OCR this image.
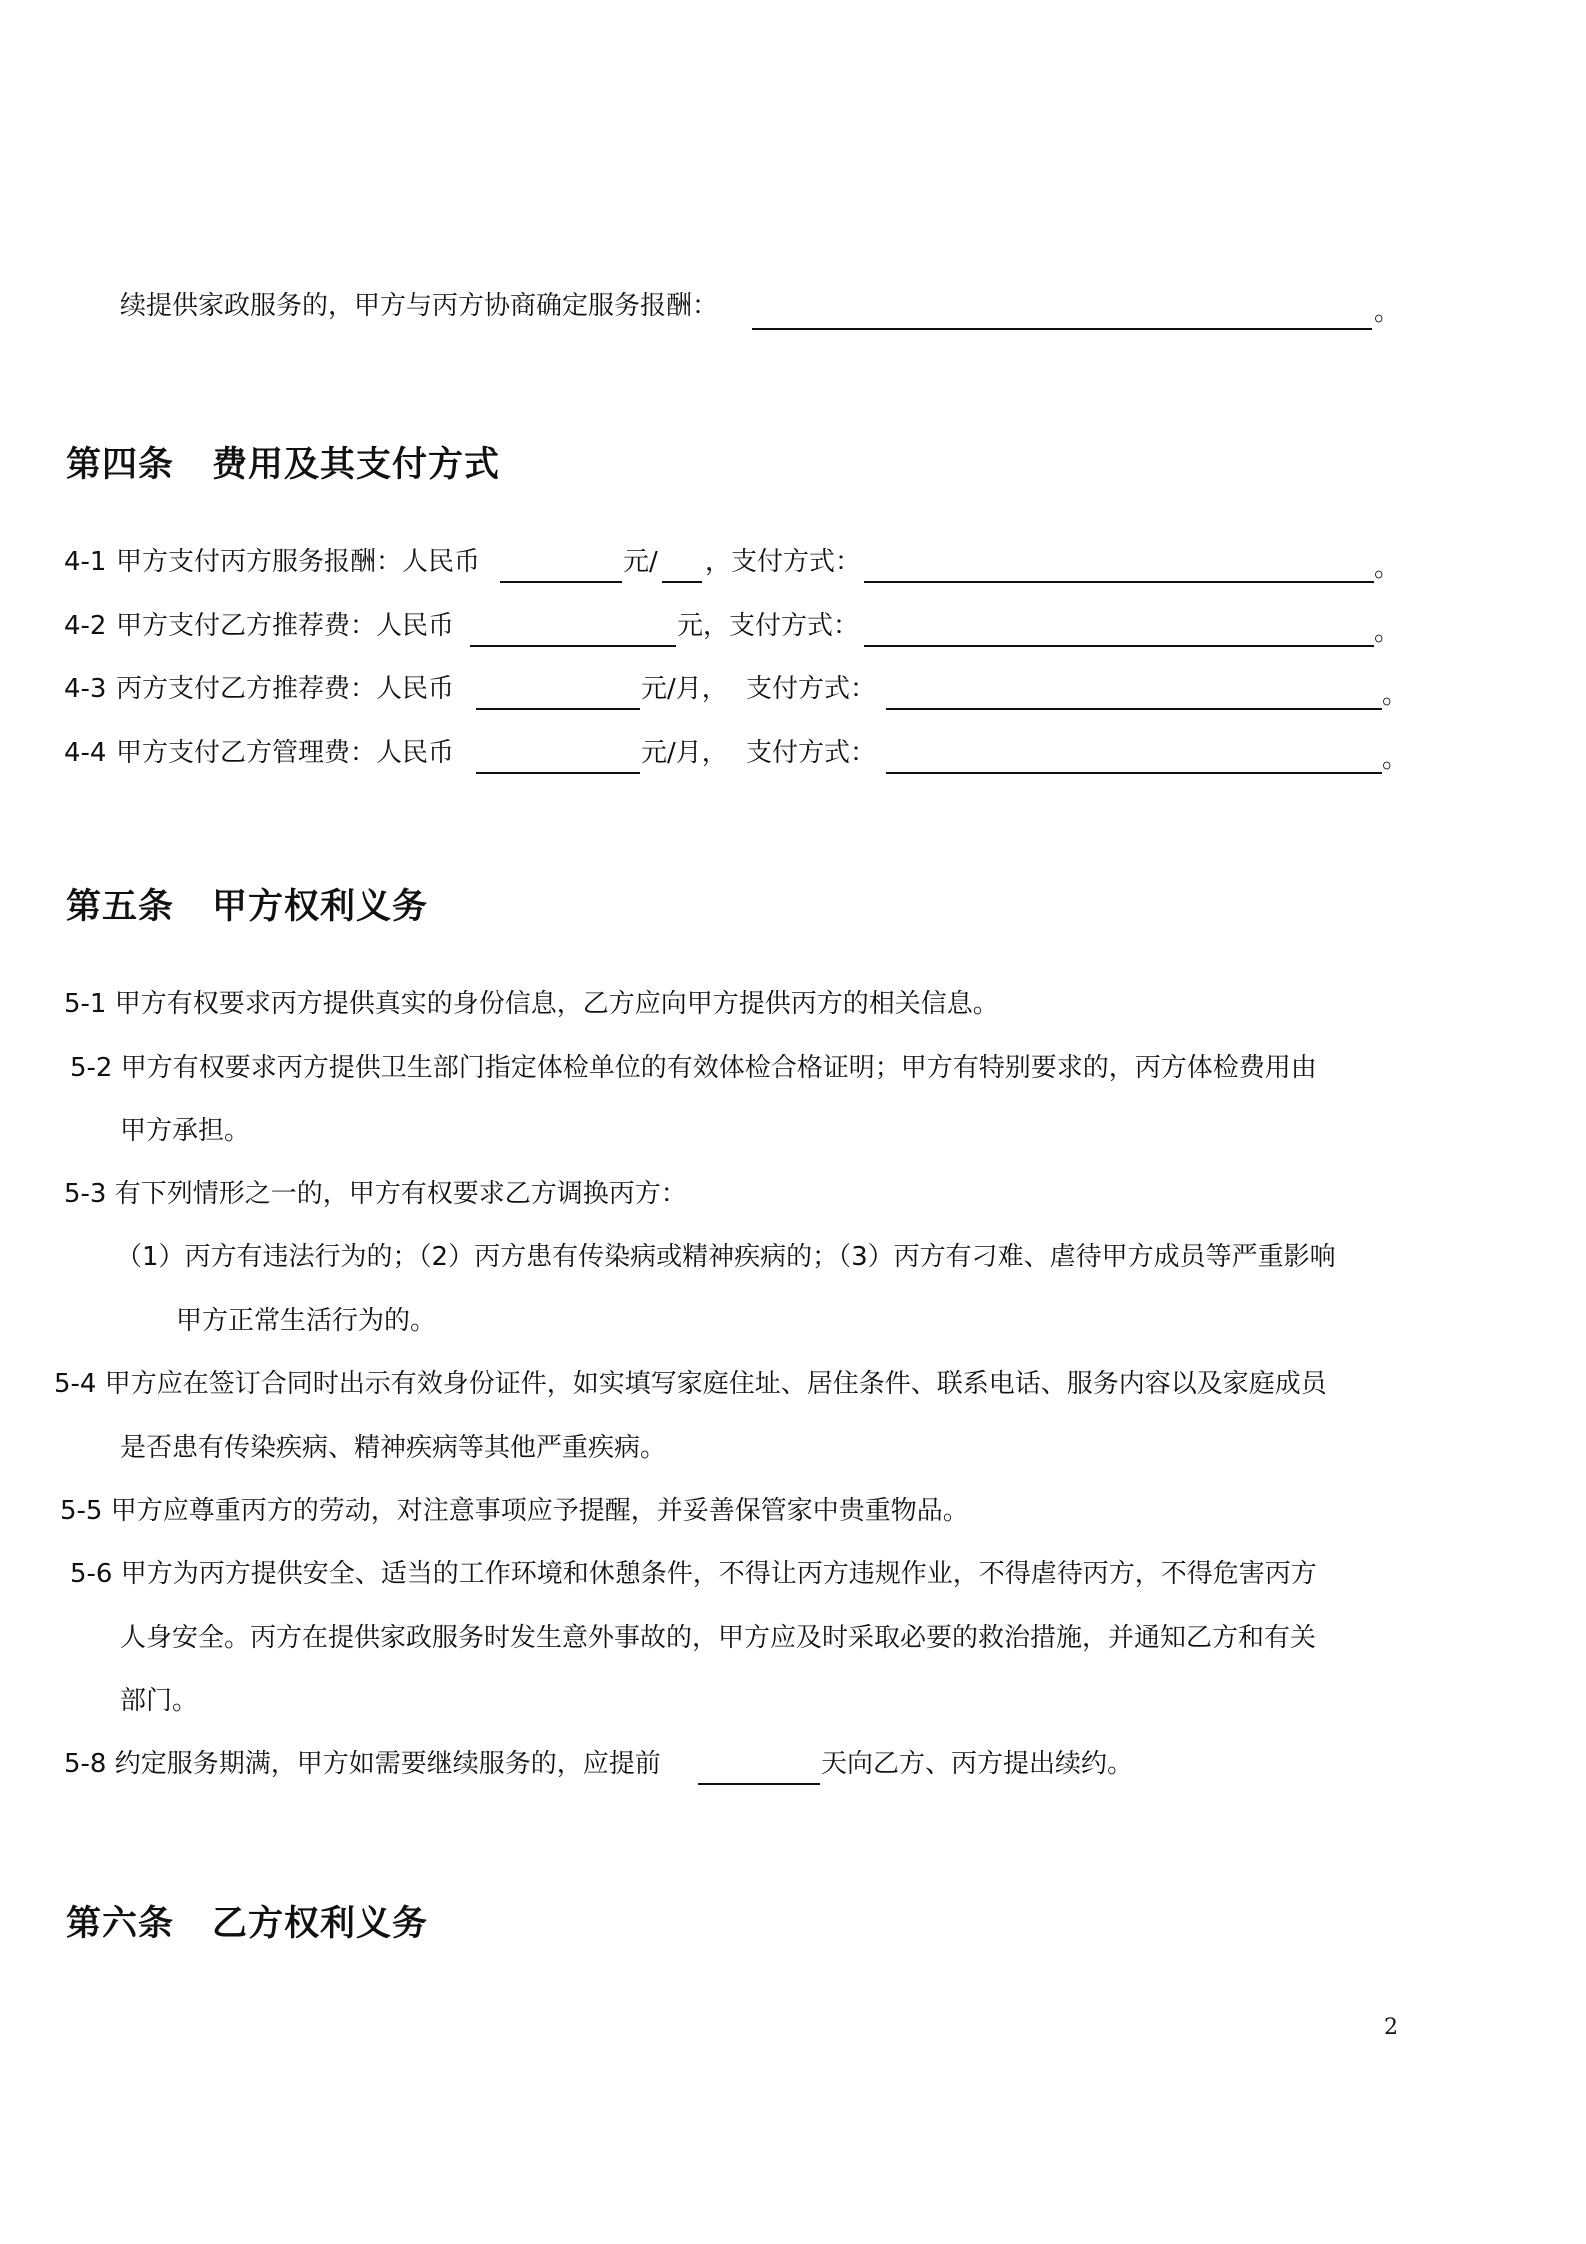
续提供家政服务的，甲方与丙方协商确定服务报酬：	。
第四条 费用及其支付方式
4-1 甲方支付丙方服务报酬：人民币	元/ ，支付方式：	。
4-2 甲方支付乙方推荐费：人民币	元，支付方式：	。
4-3 丙方支付乙方推荐费：人民币	元/月， 支付方式：	。
4-4 甲方支付乙方管理费：人民币	元/月， 支付方式：	。
第五条 甲方权利义务
5-1 甲方有权要求丙方提供真实的身份信息，乙方应向甲方提供丙方的相关信息。
5-2 甲方有权要求丙方提供卫生部门指定体检单位的有效体检合格证明；甲方有特别要求的，丙方体检费用由
甲方承担。
5-3 有下列情形之一的，甲方有权要求乙方调换丙方：
（1）丙方有违法行为的；（2）丙方患有传染病或精神疾病的；（3）丙方有刁难、虐待甲方成员等严重影响
甲方正常生活行为的。
5-4 甲方应在签订合同时出示有效身份证件，如实填写家庭住址、居住条件、联系电话、服务内容以及家庭成员
是否患有传染疾病、精神疾病等其他严重疾病。
5-5 甲方应尊重丙方的劳动，对注意事项应予提醒，并妥善保管家中贵重物品。
5-6 甲方为丙方提供安全、适当的工作环境和休憩条件，不得让丙方违规作业，不得虐待丙方，不得危害丙方
人身安全。丙方在提供家政服务时发生意外事故的，甲方应及时采取必要的救治措施，并通知乙方和有关
部门。
5-8 约定服务期满，甲方如需要继续服务的，应提前	天向乙方、丙方提出续约。
第六条 乙方权利义务
2
